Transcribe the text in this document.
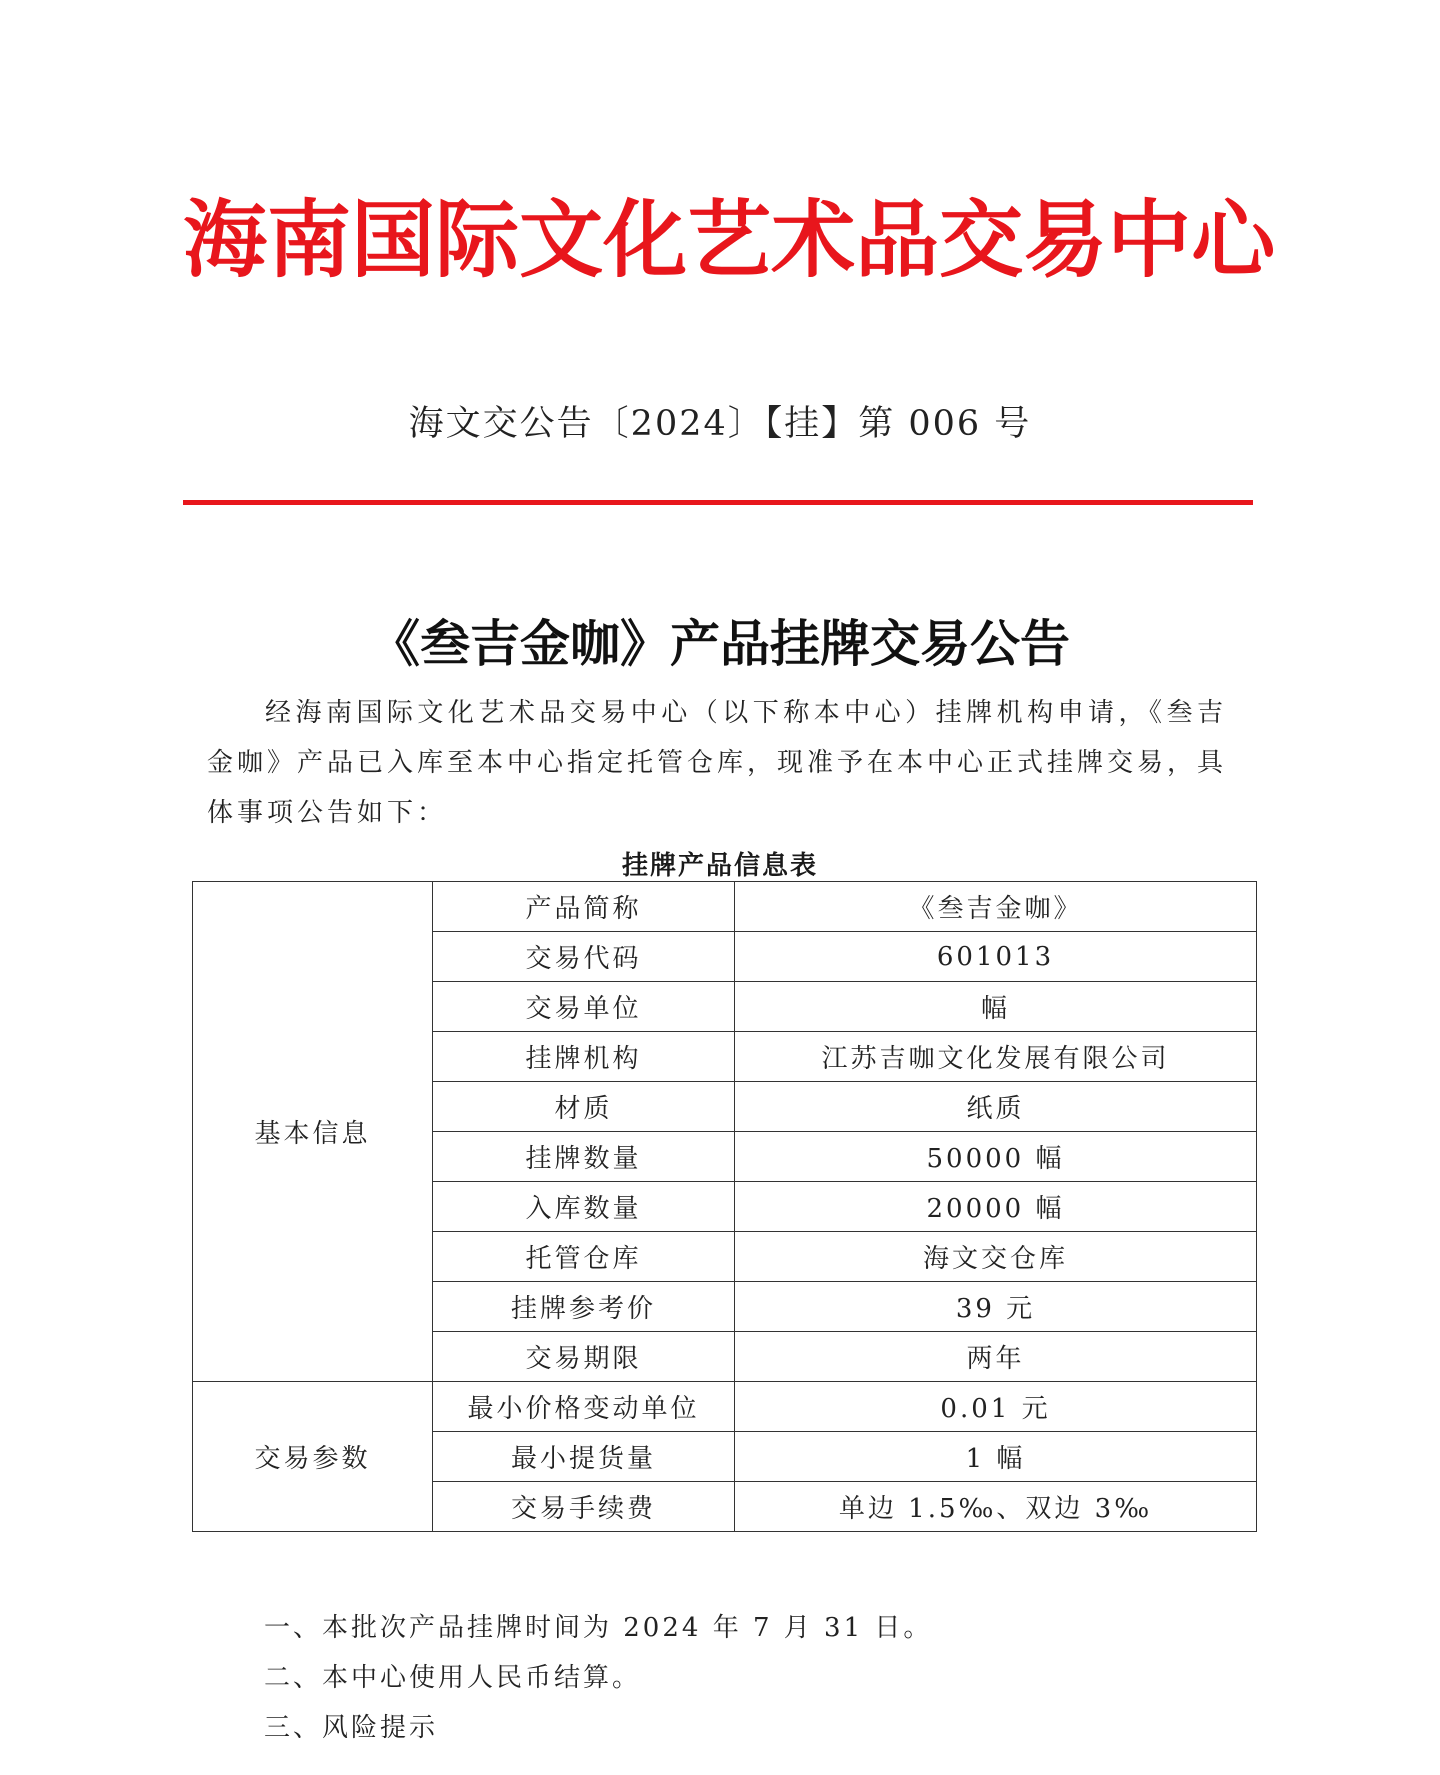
海 南 国 际 文 化 艺 术 品 交 易 中 心
海文交公告〔2024〕【挂】第 006 号
《叁吉金咖》产品挂牌交易公告
经海南国际文化艺术品交易中心（以下称本中心）挂牌机构申请，《叁吉金咖》产品已入库至本中心指定托管仓库，现准予在本中心正式挂牌交易，具体事项公告如下：
挂牌产品信息表
基本信息	产品简称	《叁吉金咖》
	交易代码	601013
	交易单位	幅
	挂牌机构	江苏吉咖文化发展有限公司
	材质	纸质
	挂牌数量	50000 幅
	入库数量	20000 幅
	托管仓库	海文交仓库
	挂牌参考价	39 元
	交易期限	两年
交易参数	最小价格变动单位	0.01 元
	最小提货量	1 幅
	交易手续费	单边 1.5‰、双边 3‰
一、本批次产品挂牌时间为 2024 年 7 月 31 日。
二、本中心使用人民币结算。
三、风险提示
